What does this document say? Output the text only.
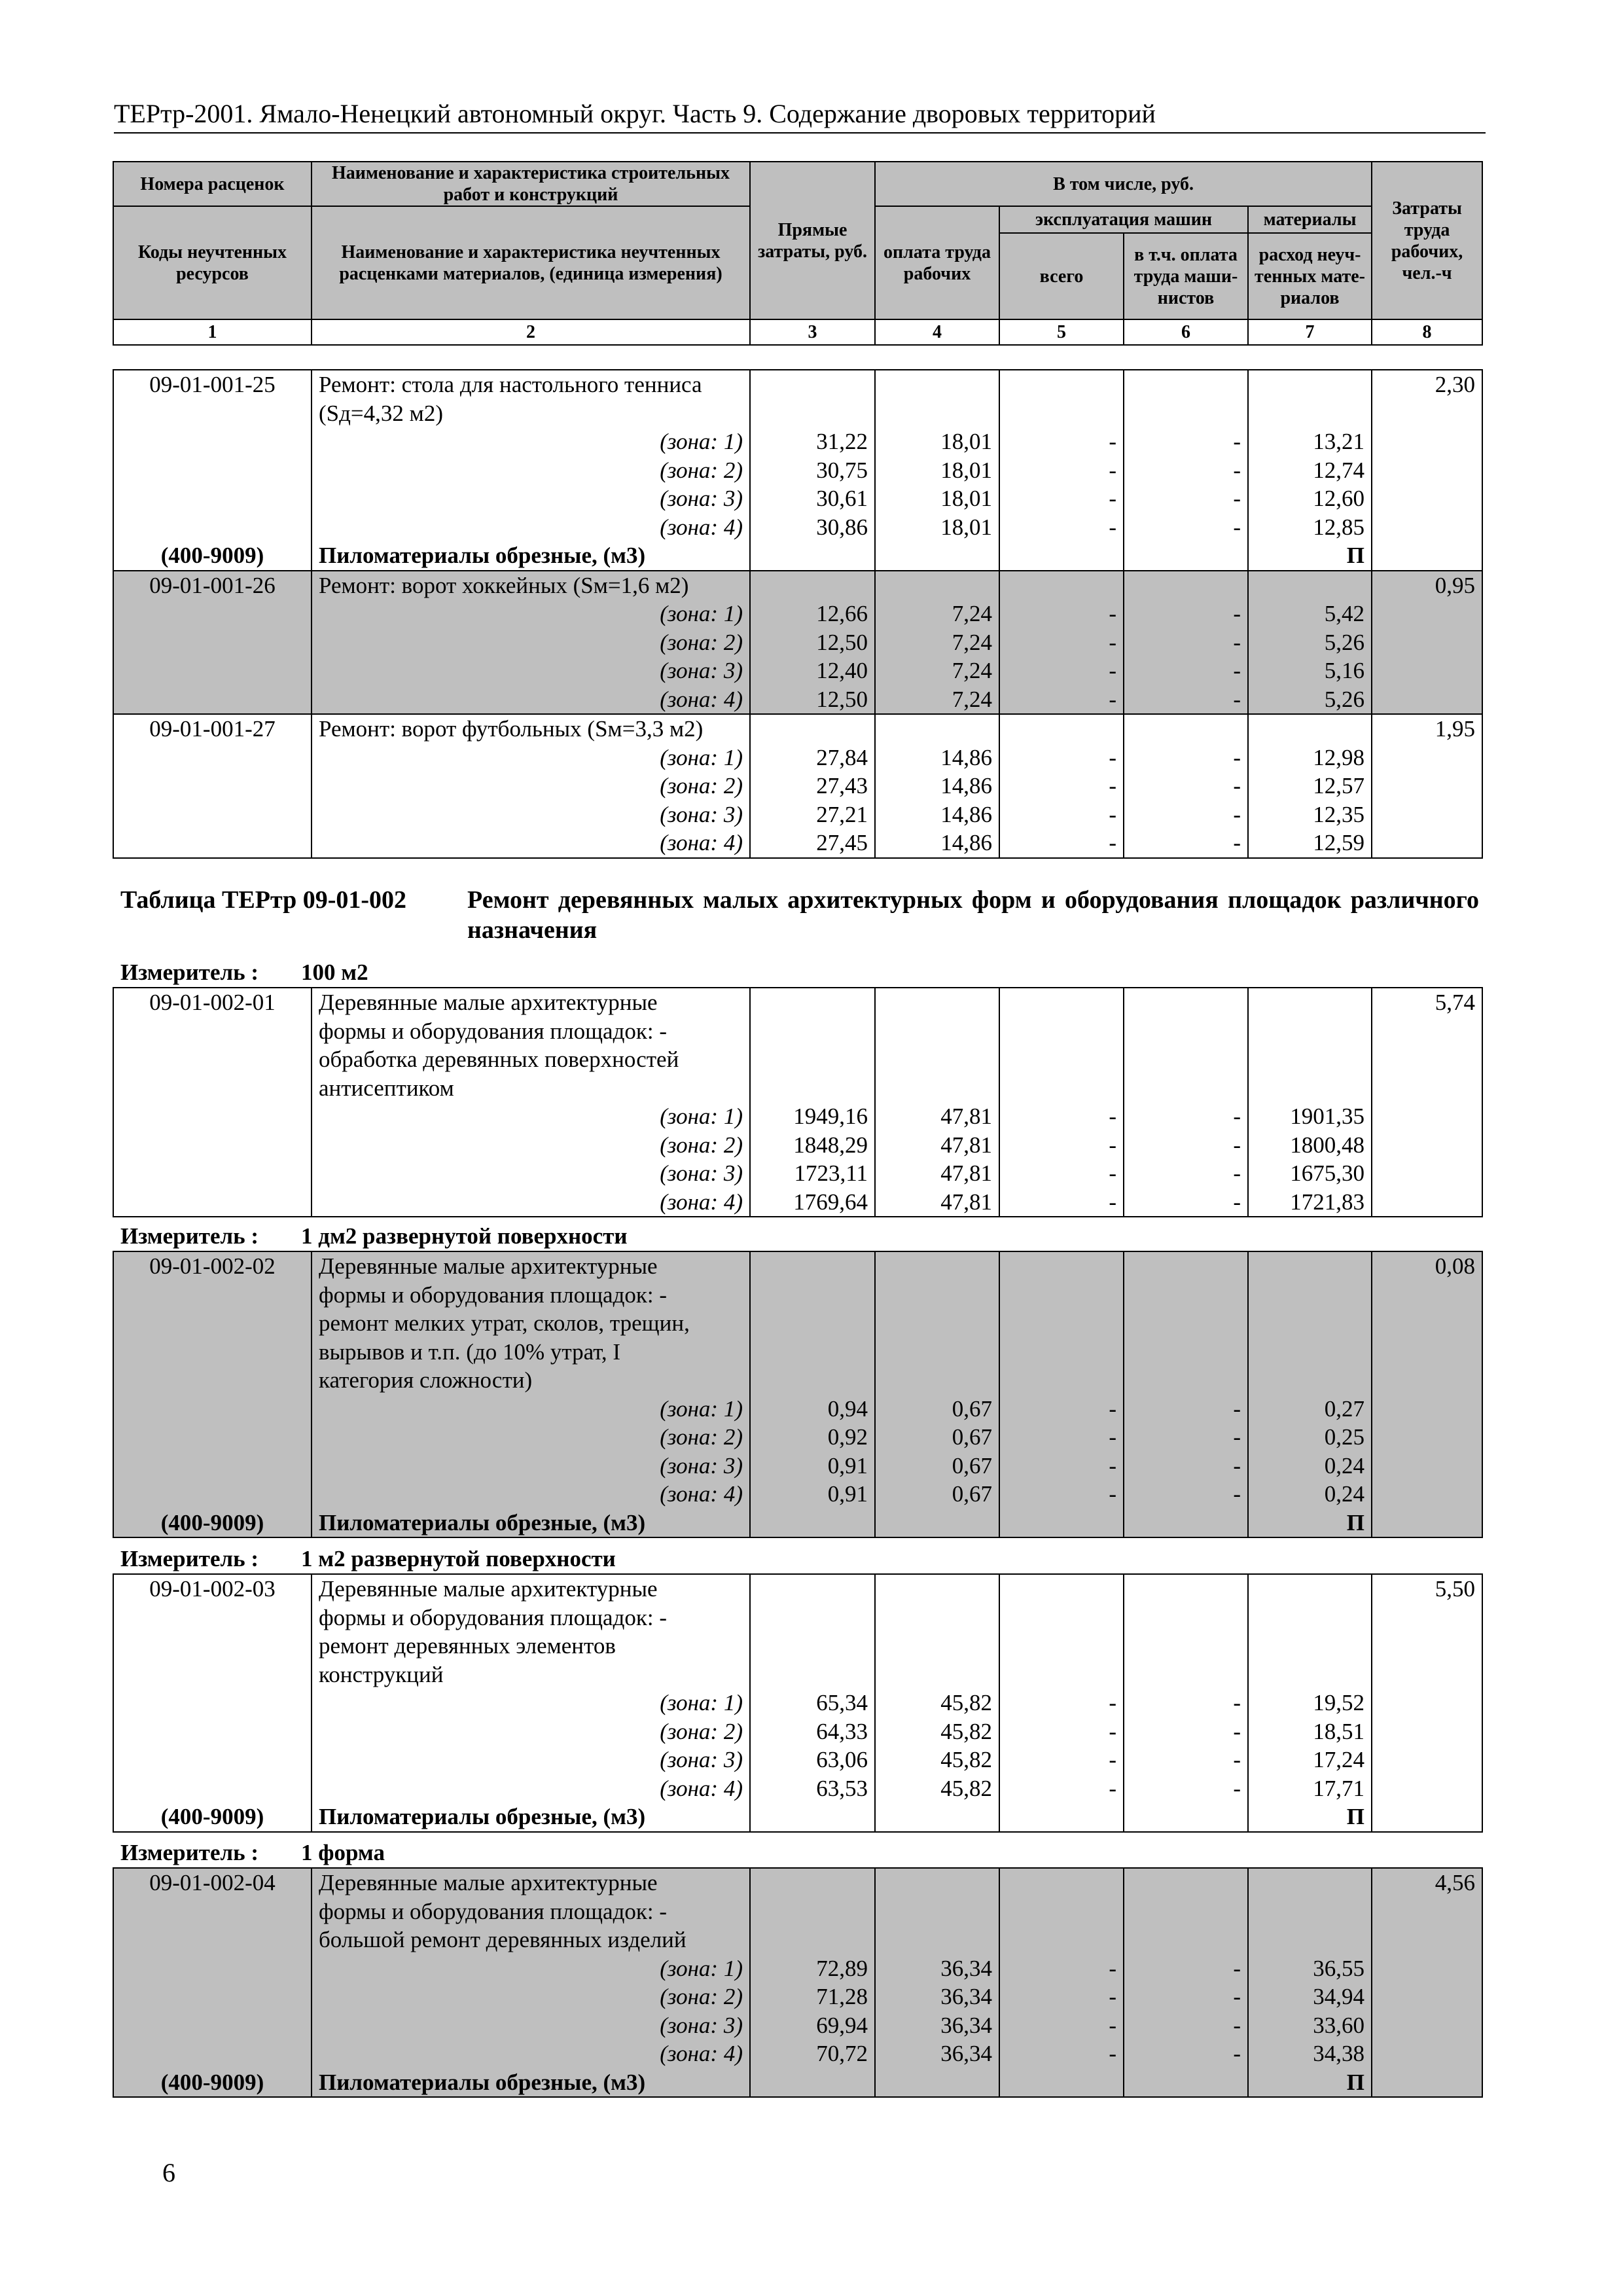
ТЕРтр-2001. Ямало-Ненецкий автономный округ. Часть 9. Содержание дворовых территорий
Номера расценок	Наименование и характеристика строительных работ и конструкций	Прямые затраты, руб.	В том числе, руб.				Затраты труда рабочих, чел.-ч
Коды неучтенных ресурсов	Наименование и характеристика неучтенных расценками материалов, (единица измерения)		оплата труда рабочих	эксплуатация машин		материалы	
				всего	в т.ч. оплата труда маши-нистов	расход неуч-тенных мате-риалов	

1	2	3	4	5	6	7	8
09-01-001-25	Ремонт: стола для настольного тенниса						2,30
	(Sд=4,32 м2)						
	(зона: 1)	31,22	18,01	-	-	13,21	
	(зона: 2)	30,75	18,01	-	-	12,74	
	(зона: 3)	30,61	18,01	-	-	12,60	
	(зона: 4)	30,86	18,01	-	-	12,85	
(400-9009)	Пиломатериалы обрезные, (м3)					П	
09-01-001-26	Ремонт: ворот хоккейных (Sм=1,6 м2)						0,95
	(зона: 1)	12,66	7,24	-	-	5,42	
	(зона: 2)	12,50	7,24	-	-	5,26	
	(зона: 3)	12,40	7,24	-	-	5,16	
	(зона: 4)	12,50	7,24	-	-	5,26	
09-01-001-27	Ремонт: ворот футбольных (Sм=3,3 м2)						1,95
	(зона: 1)	27,84	14,86	-	-	12,98	
	(зона: 2)	27,43	14,86	-	-	12,57	
	(зона: 3)	27,21	14,86	-	-	12,35	
	(зона: 4)	27,45	14,86	-	-	12,59	
Таблица ТЕРтр 09-01-002 Ремонт деревянных малых архитектурных форм и оборудования площадок различного назначения
Измеритель : 100 м2
09-01-002-01	Деревянные малые архитектурные						5,74
	формы и оборудования площадок: -						
	обработка деревянных поверхностей						
	антисептиком						
	(зона: 1)	1949,16	47,81	-	-	1901,35	
	(зона: 2)	1848,29	47,81	-	-	1800,48	
	(зона: 3)	1723,11	47,81	-	-	1675,30	
	(зона: 4)	1769,64	47,81	-	-	1721,83	
Измеритель : 1 дм2 развернутой поверхности
09-01-002-02	Деревянные малые архитектурные						0,08
	формы и оборудования площадок: -						
	ремонт мелких утрат, сколов, трещин,						
	вырывов и т.п. (до 10% утрат, I						
	категория сложности)						
	(зона: 1)	0,94	0,67	-	-	0,27	
	(зона: 2)	0,92	0,67	-	-	0,25	
	(зона: 3)	0,91	0,67	-	-	0,24	
	(зона: 4)	0,91	0,67	-	-	0,24	
(400-9009)	Пиломатериалы обрезные, (м3)					П	
Измеритель : 1 м2 развернутой поверхности
09-01-002-03	Деревянные малые архитектурные						5,50
	формы и оборудования площадок: -						
	ремонт деревянных элементов						
	конструкций						
	(зона: 1)	65,34	45,82	-	-	19,52	
	(зона: 2)	64,33	45,82	-	-	18,51	
	(зона: 3)	63,06	45,82	-	-	17,24	
	(зона: 4)	63,53	45,82	-	-	17,71	
(400-9009)	Пиломатериалы обрезные, (м3)					П	
Измеритель : 1 форма
09-01-002-04	Деревянные малые архитектурные						4,56
	формы и оборудования площадок: -						
	большой ремонт деревянных изделий						
	(зона: 1)	72,89	36,34	-	-	36,55	
	(зона: 2)	71,28	36,34	-	-	34,94	
	(зона: 3)	69,94	36,34	-	-	33,60	
	(зона: 4)	70,72	36,34	-	-	34,38	
(400-9009)	Пиломатериалы обрезные, (м3)					П	
6
